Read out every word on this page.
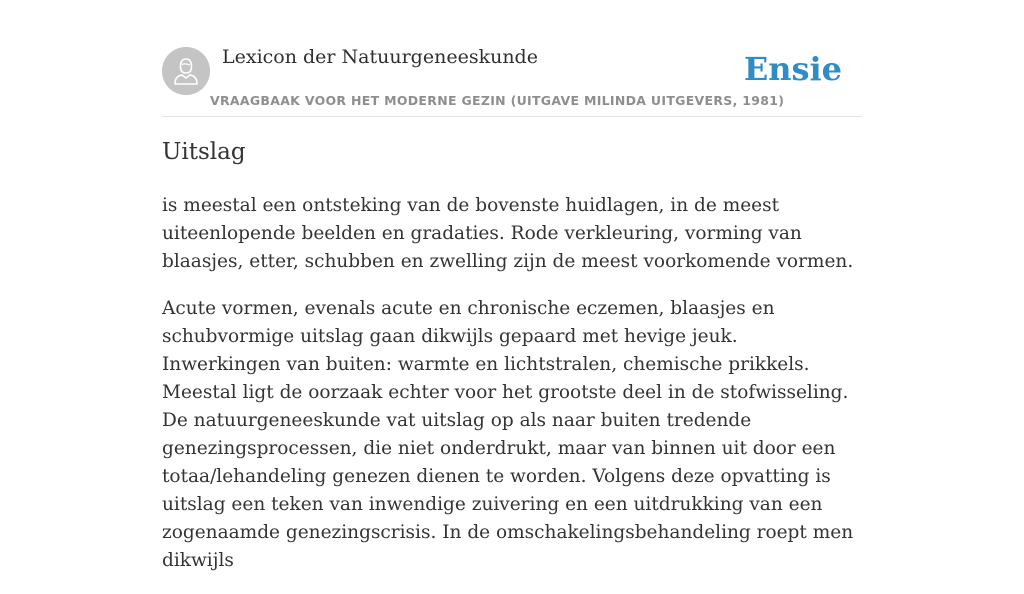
Lexicon der Natuurgeneeskunde
VRAAGBAAK VOOR HET MODERNE GEZIN (UITGAVE MILINDA UITGEVERS, 1981)
Ensie
Uitslag

is meestal een ontsteking van de bovenste huidlagen, in de meest uiteenlopende beelden en gradaties. Rode verkleuring, vorming van blaasjes, etter, schubben en zwelling zijn de meest voorkomende vormen.

Acute vormen, evenals acute en chronische eczemen, blaasjes en schubvormige uitslag gaan dikwijls gepaard met hevige jeuk. Inwerkingen van buiten: warmte en lichtstralen, chemische prikkels. Meestal ligt de oorzaak echter voor het grootste deel in de stofwisseling. De natuurgeneeskunde vat uitslag op als naar buiten tredende genezingsprocessen, die niet onderdrukt, maar van binnen uit door een totaa/lehandeling genezen dienen te worden. Volgens deze opvatting is uitslag een teken van inwendige zuivering en een uitdrukking van een zogenaamde genezingscrisis. In de omschakelingsbehandeling roept men dikwijls
